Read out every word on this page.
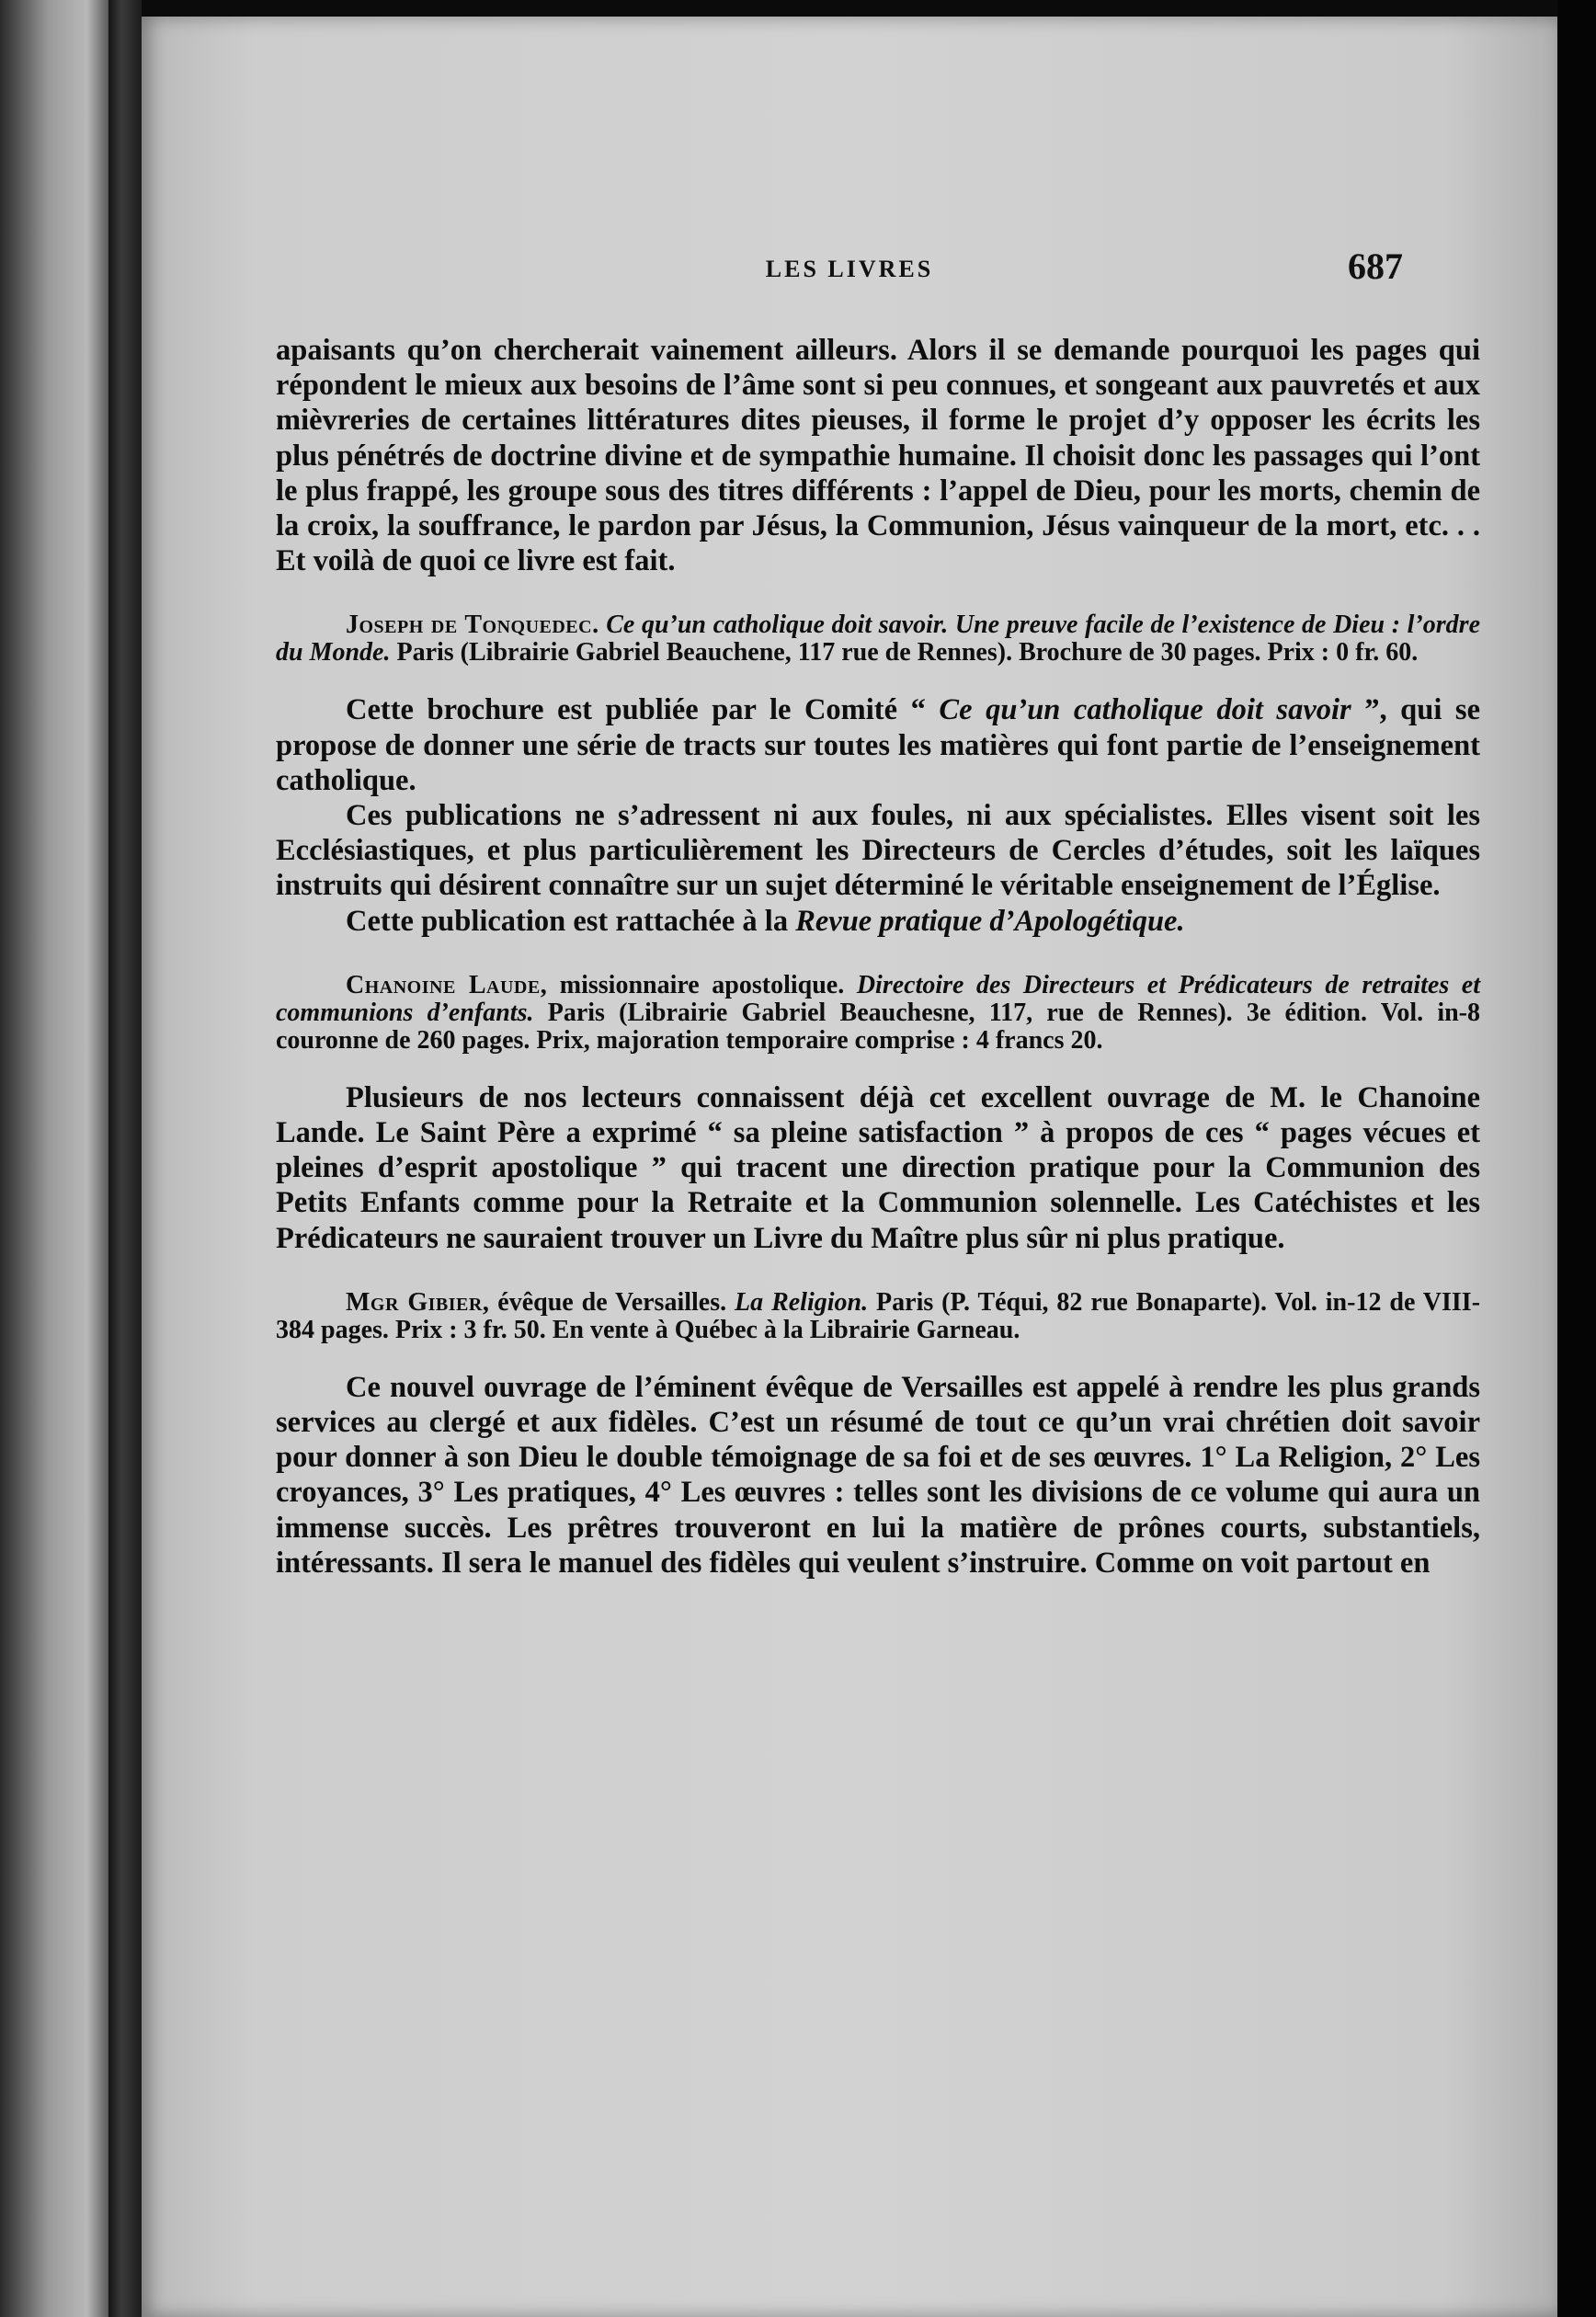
LES LIVRES	687

apaisants qu’on chercherait vainement ailleurs. Alors il se demande pourquoi les pages qui répondent le mieux aux besoins de l’âme sont si peu connues, et songeant aux pauvretés et aux mièvreries de certaines littératures dites pieuses, il forme le projet d’y opposer les écrits les plus pénétrés de doctrine divine et de sympathie humaine. Il choisit donc les passages qui l’ont le plus frappé, les groupe sous des titres différents : l’appel de Dieu, pour les morts, chemin de la croix, la souffrance, le pardon par Jésus, la Communion, Jésus vainqueur de la mort, etc. . . Et voilà de quoi ce livre est fait.

Joseph de Tonquedec. Ce qu’un catholique doit savoir. Une preuve facile de l’existence de Dieu : l’ordre du Monde. Paris (Librairie Gabriel Beauchene, 117 rue de Rennes). Brochure de 30 pages. Prix : 0 fr. 60.

Cette brochure est publiée par le Comité “ Ce qu’un catholique doit savoir ”, qui se propose de donner une série de tracts sur toutes les matières qui font partie de l’enseignement catholique.

Ces publications ne s’adressent ni aux foules, ni aux spécialistes. Elles visent soit les Ecclésiastiques, et plus particulièrement les Directeurs de Cercles d’études, soit les laïques instruits qui désirent connaître sur un sujet déterminé le véritable enseignement de l’Église.

Cette publication est rattachée à la Revue pratique d’Apologétique.

Chanoine Laude, missionnaire apostolique. Directoire des Directeurs et Prédicateurs de retraites et communions d’enfants. Paris (Librairie Gabriel Beauchesne, 117, rue de Rennes). 3e édition. Vol. in-8 couronne de 260 pages. Prix, majoration temporaire comprise : 4 francs 20.

Plusieurs de nos lecteurs connaissent déjà cet excellent ouvrage de M. le Chanoine Lande. Le Saint Père a exprimé “ sa pleine satisfaction ” à propos de ces “ pages vécues et pleines d’esprit apostolique ” qui tracent une direction pratique pour la Communion des Petits Enfants comme pour la Retraite et la Communion solennelle. Les Catéchistes et les Prédicateurs ne sauraient trouver un Livre du Maître plus sûr ni plus pratique.

Mgr Gibier, évêque de Versailles. La Religion. Paris (P. Téqui, 82 rue Bonaparte). Vol. in-12 de VIII-384 pages. Prix : 3 fr. 50. En vente à Québec à la Librairie Garneau.

Ce nouvel ouvrage de l’éminent évêque de Versailles est appelé à rendre les plus grands services au clergé et aux fidèles. C’est un résumé de tout ce qu’un vrai chrétien doit savoir pour donner à son Dieu le double témoignage de sa foi et de ses œuvres. 1° La Religion, 2° Les croyances, 3° Les pratiques, 4° Les œuvres : telles sont les divisions de ce volume qui aura un immense succès. Les prêtres trouveront en lui la matière de prônes courts, substantiels, intéressants. Il sera le manuel des fidèles qui veulent s’instruire. Comme on voit partout en
